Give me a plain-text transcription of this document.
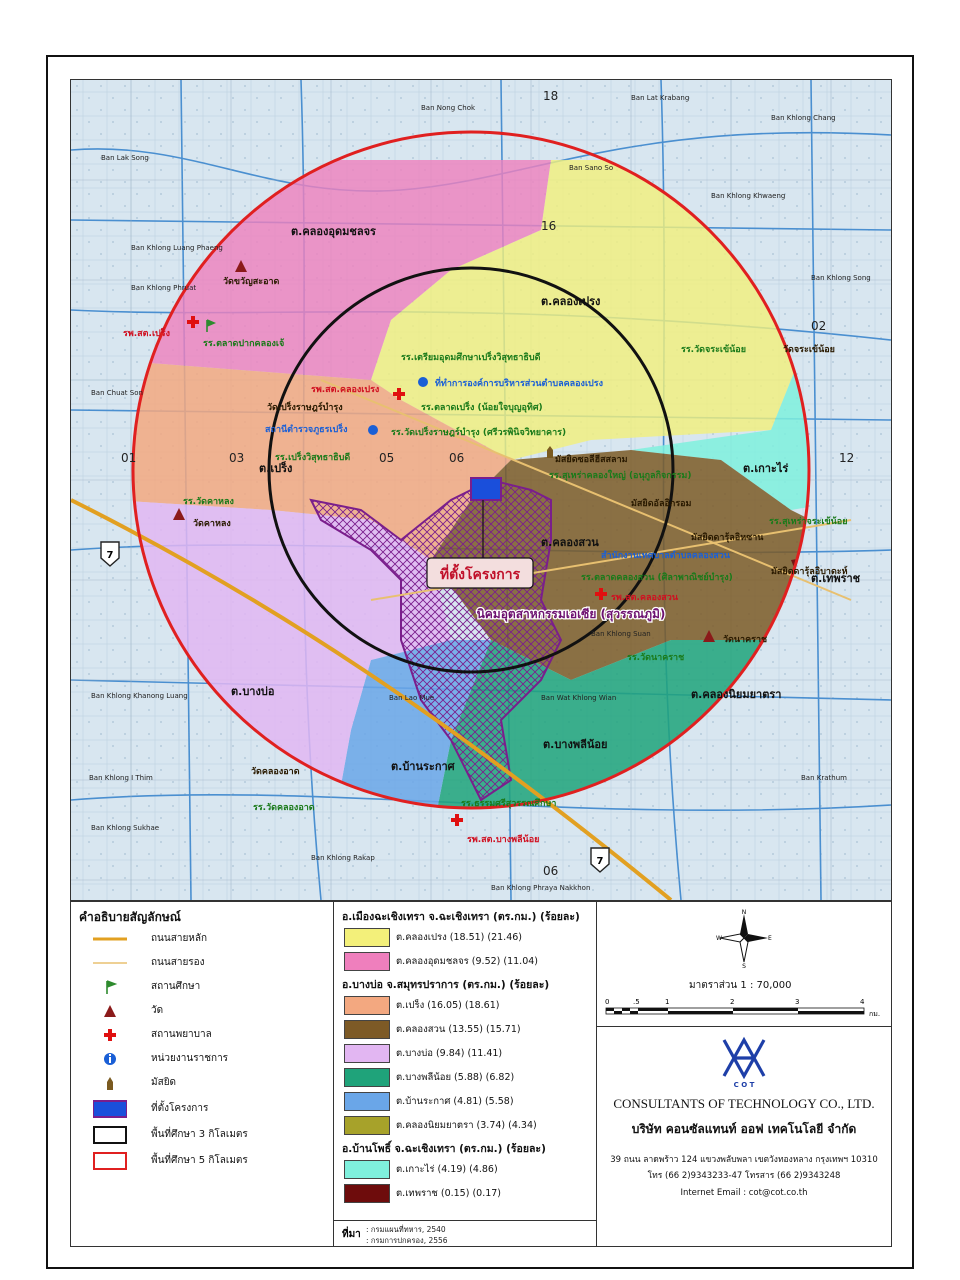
ที่ตั้งโครงการ
นิคมอุตสาหกรรมเอเซีย (สุวรรณภูมิ)
18
16
01	03	05	06	12
06
02
7
7
Ban Khlong Khwaeng
Ban Lak Song
Ban Khlong Luang Phaeng
Ban Chuat Son
Ban Khlong Phruat
Ban Khlong Khanong Luang
Ban Khlong I Thim
Ban Khlong Sukhae
Ban Khlong Rakap
Ban Lat Krabang
Ban Sano So
Ban Nong Chok
Ban Khlong Phraya Nakkhon
Ban Wat Khlong Wian
Ban Khlong Song
Ban Krathum
Ban Khlong Chang
Ban Khlong Suan
Ban Lao Mue
ต.คลองอุดมชลจร
ต.คลองเปรง
ต.เปร็ง
ต.คลองสวน
ต.เกาะไร่
ต.เทพราช
ต.คลองนิยมยาตรา
ต.บางพลีน้อย
ต.บ้านระกาศ
ต.บางบ่อ
วัดขวัญสะอาด
รพ.สต.เปร็ง
รร.ตลาดปากคลองเจ้
รร.เตรียมอุดมศึกษาเปร็งวิสุทธาธิบดี
รพ.สต.คลองเปรง
ที่ทำการองค์การบริหารส่วนตำบลคลองเปรง
วัดเปร็งราษฎร์บำรุง	รร.ตลาดเปร็ง (น้อยใจบุญอุทิศ)
สถานีตำรวจภูธรเปร็ง	รร.วัดเปร็งราษฎร์บำรุง (ศรีวรพินิจวิทยาคาร)
รร.เปร็งวิสุทธาธิบดี	มัสยิดซอลีฮีสสลาม
รร.สุเหร่าคลองใหญ่ (อนุกูลกิจกรรม)
มัสยิดอัลอิกรอม
รร.วัดจระเข้น้อย	วัดจระเข้น้อย
รร.สุเหร่าจระเข้น้อย
มัสยิดดารุ้ลอิหซาน
สำนักงานเทศบาลตำบลคลองสวน
มัสยิดดารุ้ลอิบาดะห์
รร.ตลาดคลองสวน (ศิลาพาณิชย์บำรุง)
รพ.สต.คลองสวน
วัดนาคราช
รร.วัดนาคราช
รร.วัดคาหลง
วัดคาหลง
วัดคลองอาด
รร.วัดคลองอาด	รร.ธรรมศรีสุวรรณศึกษา
รพ.สต.บางพลีน้อย
คำอธิบายสัญลักษณ์
ถนนสายหลัก
ถนนสายรอง
สถานศึกษา
วัด
สถานพยาบาล
หน่วยงานราชการ
มัสยิด
ที่ตั้งโครงการ
พื้นที่ศึกษา 3 กิโลเมตร
พื้นที่ศึกษา 5 กิโลเมตร
อ.เมืองฉะเชิงเทรา จ.ฉะเชิงเทรา (ตร.กม.) (ร้อยละ)
ต.คลองเปรง (18.51) (21.46)
ต.คลองอุดมชลจร (9.52) (11.04)
อ.บางบ่อ จ.สมุทรปราการ (ตร.กม.) (ร้อยละ)
ต.เปร็ง (16.05) (18.61)
ต.คลองสวน (13.55) (15.71)
ต.บางบ่อ (9.84) (11.41)
ต.บางพลีน้อย (5.88) (6.82)
ต.บ้านระกาศ (4.81) (5.58)
ต.คลองนิยมยาตรา (3.74) (4.34)
อ.บ้านโพธิ์ จ.ฉะเชิงเทรา (ตร.กม.) (ร้อยละ)
ต.เกาะไร่ (4.19) (4.86)
ต.เทพราช (0.15) (0.17)
ที่มา : กรมแผนที่ทหาร, 2540
: กรมการปกครอง, 2556
N
W	E
S
มาตราส่วน 1 : 70,000
0	.5	1	2	3	4
กม.
C O T
CONSULTANTS OF TECHNOLOGY CO., LTD.
บริษัท คอนซัลแทนท์ ออฟ เทคโนโลยี จำกัด
39 ถนน ลาดพร้าว 124 แขวงพลับพลา เขตวังทองหลาง กรุงเทพฯ 10310
โทร (66 2)9343233-47 โทรสาร (66 2)9343248
Internet Email : cot@cot.co.th
